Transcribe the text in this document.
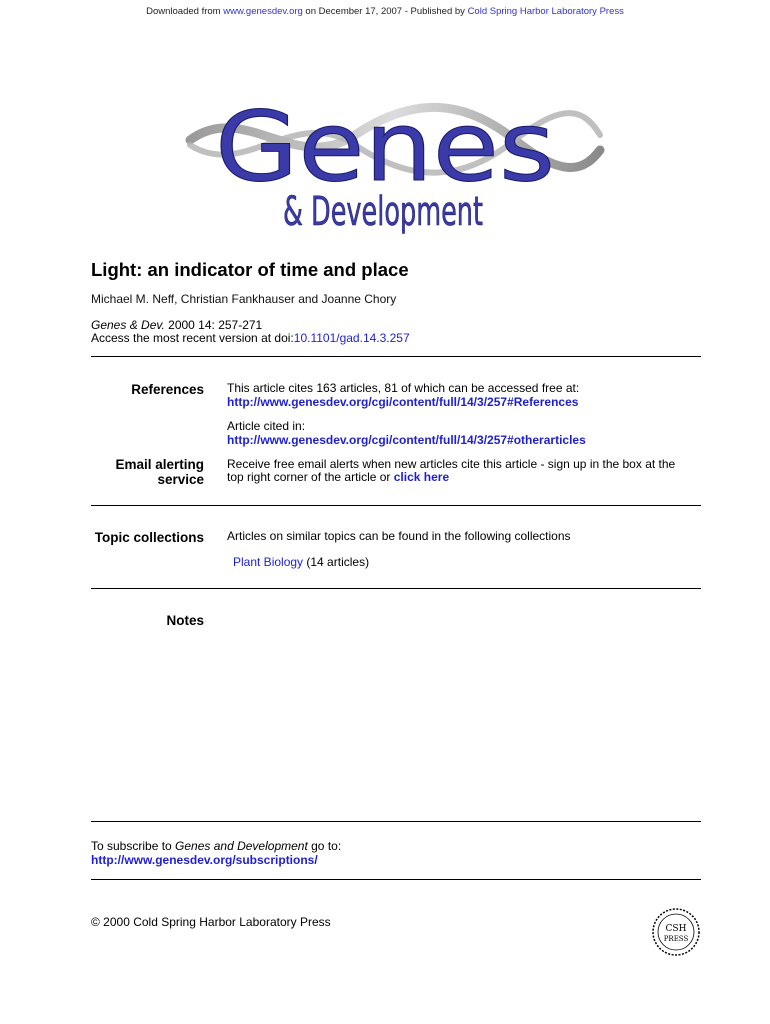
Downloaded from www.genesdev.org on December 17, 2007 - Published by Cold Spring Harbor Laboratory Press
Genes
& Development
Light: an indicator of time and place
Michael M. Neff, Christian Fankhauser and Joanne Chory
Genes & Dev. 2000 14: 257-271
Access the most recent version at doi:10.1101/gad.14.3.257
References This article cites 163 articles, 81 of which can be accessed free at:
http://www.genesdev.org/cgi/content/full/14/3/257#References
Article cited in:
http://www.genesdev.org/cgi/content/full/14/3/257#otherarticles
Email alerting
service
Receive free email alerts when new articles cite this article - sign up in the box at the
top right corner of the article or click here
Topic collections Articles on similar topics can be found in the following collections
Plant Biology (14 articles)
Notes
To subscribe to Genes and Development go to:
http://www.genesdev.org/subscriptions/
© 2000 Cold Spring Harbor Laboratory Press	CSH
PRESS
